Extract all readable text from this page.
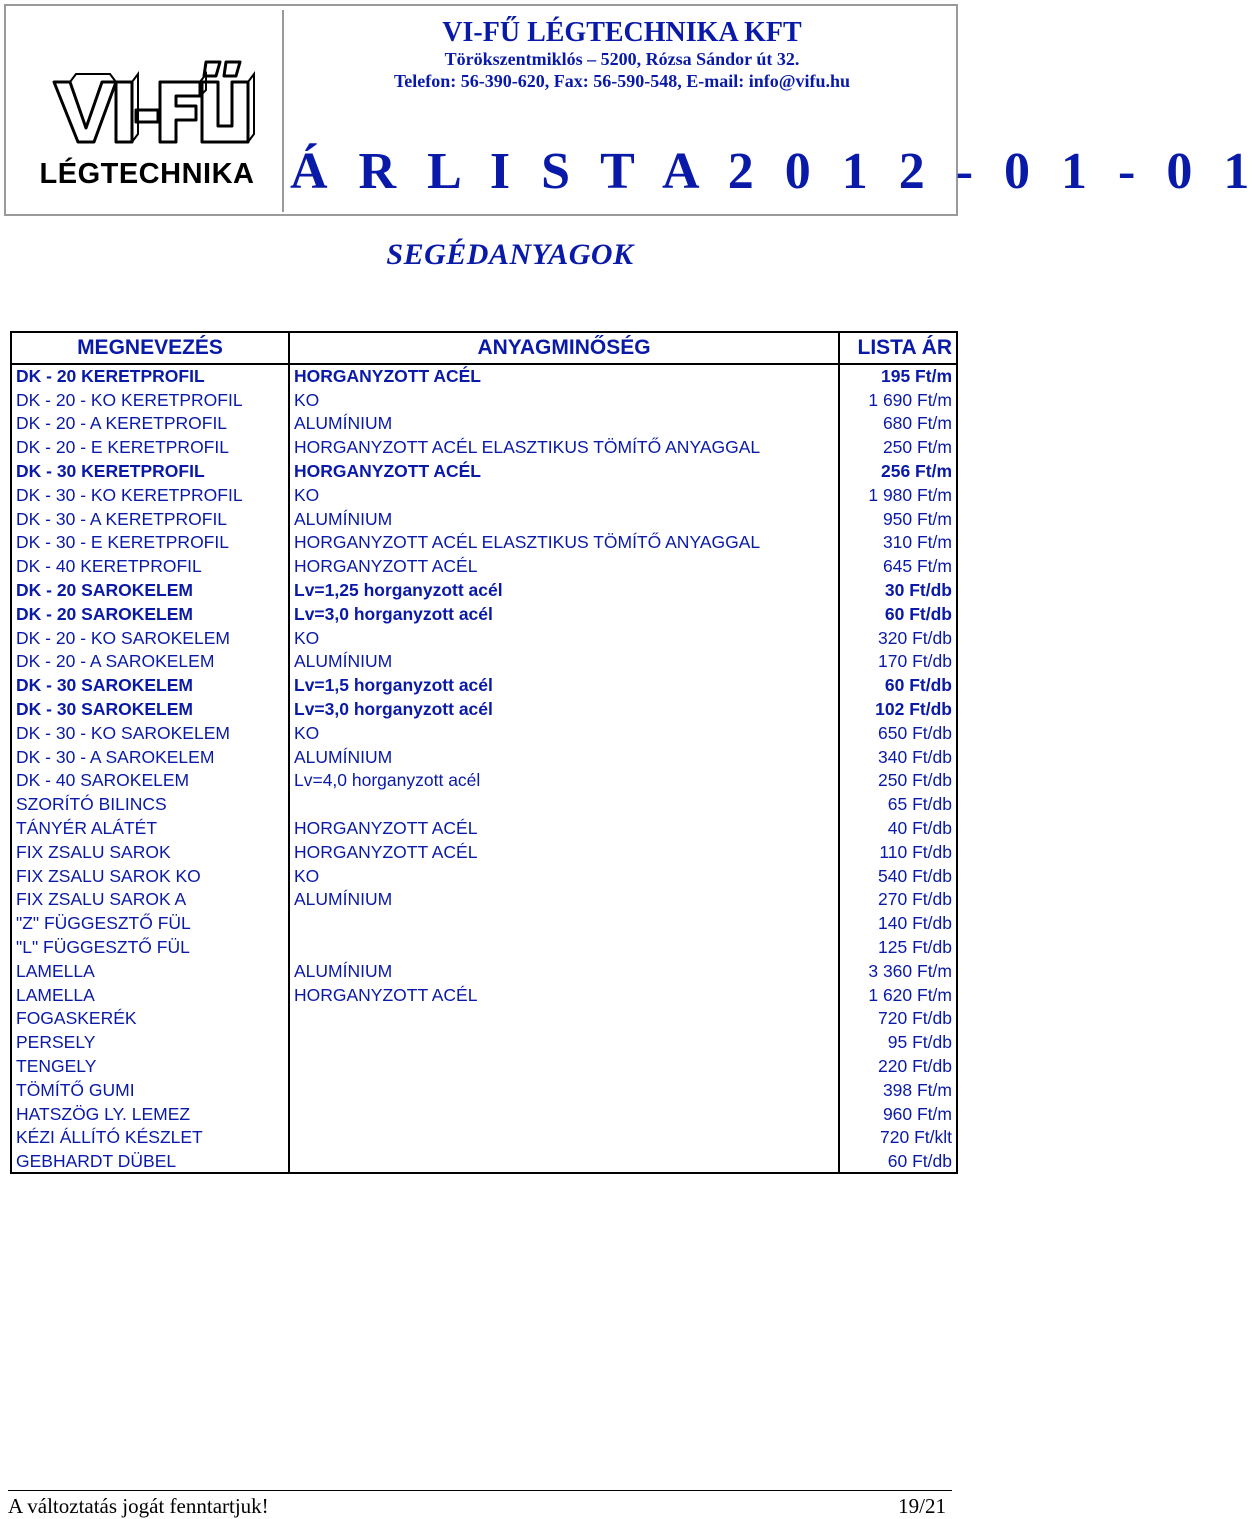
LÉGTECHNIKA
VI-FŰ LÉGTECHNIKA KFT
Törökszentmiklós – 5200, Rózsa Sándor út 32.
Telefon: 56-390-620, Fax: 56-590-548, E-mail: info@vifu.hu
Á R L I S T A 2 0 1 2 - 0 1 - 0 1
SEGÉDANYAGOK
MEGNEVEZÉS	ANYAGMINŐSÉG	LISTA ÁR
DK - 20 KERETPROFIL	HORGANYZOTT ACÉL	195 Ft/m
DK - 20 - KO KERETPROFIL	KO	1 690 Ft/m
DK - 20 - A KERETPROFIL	ALUMÍNIUM	680 Ft/m
DK - 20 - E KERETPROFIL	HORGANYZOTT ACÉL ELASZTIKUS TÖMÍTŐ ANYAGGAL	250 Ft/m
DK - 30 KERETPROFIL	HORGANYZOTT ACÉL	256 Ft/m
DK - 30 - KO KERETPROFIL	KO	1 980 Ft/m
DK - 30 - A KERETPROFIL	ALUMÍNIUM	950 Ft/m
DK - 30 - E KERETPROFIL	HORGANYZOTT ACÉL ELASZTIKUS TÖMÍTŐ ANYAGGAL	310 Ft/m
DK - 40 KERETPROFIL	HORGANYZOTT ACÉL	645 Ft/m
DK - 20 SAROKELEM	Lv=1,25 horganyzott acél	30 Ft/db
DK - 20 SAROKELEM	Lv=3,0 horganyzott acél	60 Ft/db
DK - 20 - KO SAROKELEM	KO	320 Ft/db
DK - 20 - A SAROKELEM	ALUMÍNIUM	170 Ft/db
DK - 30 SAROKELEM	Lv=1,5 horganyzott acél	60 Ft/db
DK - 30 SAROKELEM	Lv=3,0 horganyzott acél	102 Ft/db
DK - 30 - KO SAROKELEM	KO	650 Ft/db
DK - 30 - A SAROKELEM	ALUMÍNIUM	340 Ft/db
DK - 40 SAROKELEM	Lv=4,0 horganyzott acél	250 Ft/db
SZORÍTÓ BILINCS		65 Ft/db
TÁNYÉR ALÁTÉT	HORGANYZOTT ACÉL	40 Ft/db
FIX ZSALU SAROK	HORGANYZOTT ACÉL	110 Ft/db
FIX ZSALU SAROK KO	KO	540 Ft/db
FIX ZSALU SAROK A	ALUMÍNIUM	270 Ft/db
"Z" FÜGGESZTŐ FÜL		140 Ft/db
"L" FÜGGESZTŐ FÜL		125 Ft/db
LAMELLA	ALUMÍNIUM	3 360 Ft/m
LAMELLA	HORGANYZOTT ACÉL	1 620 Ft/m
FOGASKERÉK		720 Ft/db
PERSELY		95 Ft/db
TENGELY		220 Ft/db
TÖMÍTŐ GUMI		398 Ft/m
HATSZÖG LY. LEMEZ		960 Ft/m
KÉZI ÁLLÍTÓ KÉSZLET		720 Ft/klt
GEBHARDT DÜBEL		60 Ft/db
A változtatás jogát fenntartjuk!	19/21
